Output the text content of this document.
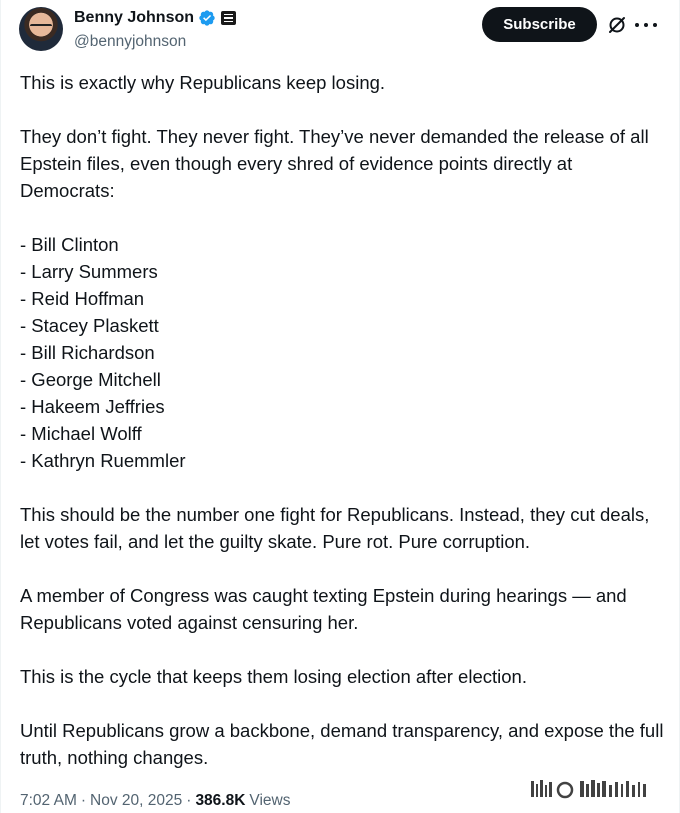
Benny Johnson
@bennyjohnson
Subscribe

This is exactly why Republicans keep losing.

They don’t fight. They never fight. They’ve never demanded the release of all Epstein files, even though every shred of evidence points directly at Democrats:

- Bill Clinton

- Larry Summers

- Reid Hoffman

- Stacey Plaskett

- Bill Richardson

- George Mitchell

- Hakeem Jeffries

- Michael Wolff

- Kathryn Ruemmler

This should be the number one fight for Republicans. Instead, they cut deals, let votes fail, and let the guilty skate. Pure rot. Pure corruption.

A member of Congress was caught texting Epstein during hearings — and Republicans voted against censuring her.

This is the cycle that keeps them losing election after election.

Until Republicans grow a backbone, demand transparency, and expose the full truth, nothing changes.

7:02 AM · Nov 20, 2025 · 386.8K Views
